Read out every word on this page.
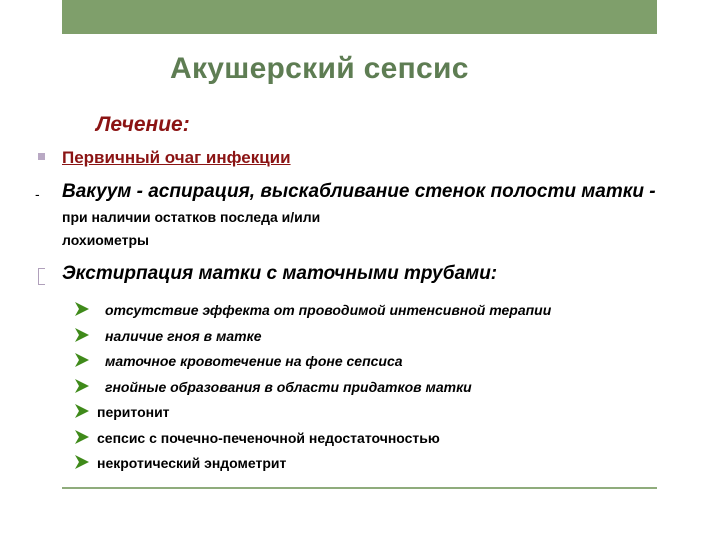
Акушерский сепсис
Лечение:
Первичный очаг инфекции
- Вакуум - аспирация, выскабливание стенок полости матки - при наличии остатков последа и/или
лохиометры
Экстирпация матки с маточными трубами:
отсутствие эффекта от проводимой интенсивной терапии
наличие гноя в матке
маточное кровотечение на фоне сепсиса
гнойные образования в области придатков матки
перитонит
сепсис с почечно-печеночной недостаточностью
некротический эндометрит
